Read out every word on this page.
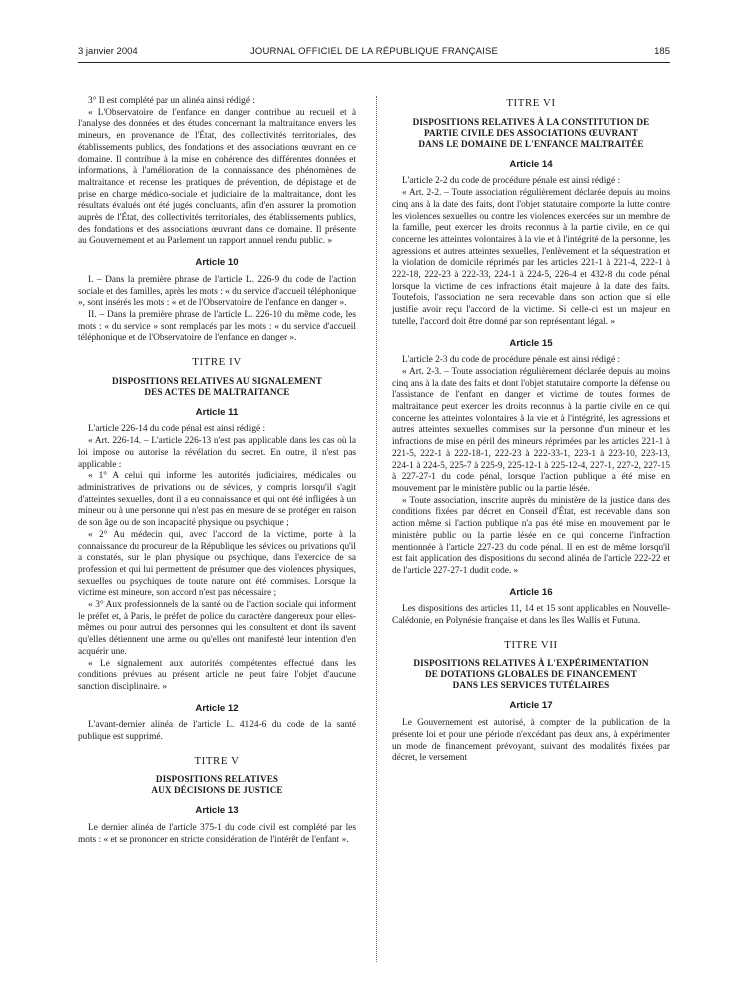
3 janvier 2004	JOURNAL OFFICIEL DE LA RÉPUBLIQUE FRANÇAISE	185

3° Il est complété par un alinéa ainsi rédigé :

« L'Observatoire de l'enfance en danger contribue au recueil et à l'analyse des données et des études concernant la maltraitance envers les mineurs, en provenance de l'État, des collectivités territoriales, des établissements publics, des fondations et des associations œuvrant en ce domaine. Il contribue à la mise en cohérence des différentes données et informations, à l'amélioration de la connaissance des phénomènes de maltraitance et recense les pratiques de prévention, de dépistage et de prise en charge médico-sociale et judiciaire de la maltraitance, dont les résultats évalués ont été jugés concluants, afin d'en assurer la promotion auprès de l'État, des collectivités territoriales, des établissements publics, des fondations et des associations œuvrant dans ce domaine. Il présente au Gouvernement et au Parlement un rapport annuel rendu public. »

Article 10

I. – Dans la première phrase de l'article L. 226-9 du code de l'action sociale et des familles, après les mots : « du service d'accueil téléphonique », sont insérés les mots : « et de l'Observatoire de l'enfance en danger ».

II. – Dans la première phrase de l'article L. 226-10 du même code, les mots : « du service » sont remplacés par les mots : « du service d'accueil téléphonique et de l'Observatoire de l'enfance en danger ».

TITRE IV
DISPOSITIONS RELATIVES AU SIGNALEMENT
DES ACTES DE MALTRAITANCE
Article 11

L'article 226-14 du code pénal est ainsi rédigé :

« Art. 226-14. – L'article 226-13 n'est pas applicable dans les cas où la loi impose ou autorise la révélation du secret. En outre, il n'est pas applicable :

« 1° A celui qui informe les autorités judiciaires, médicales ou administratives de privations ou de sévices, y compris lorsqu'il s'agit d'atteintes sexuelles, dont il a eu connaissance et qui ont été infligées à un mineur ou à une personne qui n'est pas en mesure de se protéger en raison de son âge ou de son incapacité physique ou psychique ;

« 2° Au médecin qui, avec l'accord de la victime, porte à la connaissance du procureur de la République les sévices ou privations qu'il a constatés, sur le plan physique ou psychique, dans l'exercice de sa profession et qui lui permettent de présumer que des violences physiques, sexuelles ou psychiques de toute nature ont été commises. Lorsque la victime est mineure, son accord n'est pas nécessaire ;

« 3° Aux professionnels de la santé ou de l'action sociale qui informent le préfet et, à Paris, le préfet de police du caractère dangereux pour elles-mêmes ou pour autrui des personnes qui les consultent et dont ils savent qu'elles détiennent une arme ou qu'elles ont manifesté leur intention d'en acquérir une.

« Le signalement aux autorités compétentes effectué dans les conditions prévues au présent article ne peut faire l'objet d'aucune sanction disciplinaire. »

Article 12

L'avant-dernier alinéa de l'article L. 4124-6 du code de la santé publique est supprimé.

TITRE V
DISPOSITIONS RELATIVES
AUX DÉCISIONS DE JUSTICE
Article 13

Le dernier alinéa de l'article 375-1 du code civil est complété par les mots : « et se prononcer en stricte considération de l'intérêt de l'enfant ».

TITRE VI
DISPOSITIONS RELATIVES À LA CONSTITUTION DE
PARTIE CIVILE DES ASSOCIATIONS ŒUVRANT
DANS LE DOMAINE DE L'ENFANCE MALTRAITÉE
Article 14

L'article 2-2 du code de procédure pénale est ainsi rédigé :

« Art. 2-2. – Toute association régulièrement déclarée depuis au moins cinq ans à la date des faits, dont l'objet statutaire comporte la lutte contre les violences sexuelles ou contre les violences exercées sur un membre de la famille, peut exercer les droits reconnus à la partie civile, en ce qui concerne les atteintes volontaires à la vie et à l'intégrité de la personne, les agressions et autres atteintes sexuelles, l'enlèvement et la séquestration et la violation de domicile réprimés par les articles 221-1 à 221-4, 222-1 à 222-18, 222-23 à 222-33, 224-1 à 224-5, 226-4 et 432-8 du code pénal lorsque la victime de ces infractions était majeure à la date des faits. Toutefois, l'association ne sera recevable dans son action que si elle justifie avoir reçu l'accord de la victime. Si celle-ci est un majeur en tutelle, l'accord doit être donné par son représentant légal. »

Article 15

L'article 2-3 du code de procédure pénale est ainsi rédigé :

« Art. 2-3. – Toute association régulièrement déclarée depuis au moins cinq ans à la date des faits et dont l'objet statutaire comporte la défense ou l'assistance de l'enfant en danger et victime de toutes formes de maltraitance peut exercer les droits reconnus à la partie civile en ce qui concerne les atteintes volontaires à la vie et à l'intégrité, les agressions et autres atteintes sexuelles commises sur la personne d'un mineur et les infractions de mise en péril des mineurs réprimées par les articles 221-1 à 221-5, 222-1 à 222-18-1, 222-23 à 222-33-1, 223-1 à 223-10, 223-13, 224-1 à 224-5, 225-7 à 225-9, 225-12-1 à 225-12-4, 227-1, 227-2, 227-15 à 227-27-1 du code pénal, lorsque l'action publique a été mise en mouvement par le ministère public ou la partie lésée.

« Toute association, inscrite auprès du ministère de la justice dans des conditions fixées par décret en Conseil d'État, est recevable dans son action même si l'action publique n'a pas été mise en mouvement par le ministère public ou la partie lésée en ce qui concerne l'infraction mentionnée à l'article 227-23 du code pénal. Il en est de même lorsqu'il est fait application des dispositions du second alinéa de l'article 222-22 et de l'article 227-27-1 dudit code. »

Article 16

Les dispositions des articles 11, 14 et 15 sont applicables en Nouvelle-Calédonie, en Polynésie française et dans les îles Wallis et Futuna.

TITRE VII
DISPOSITIONS RELATIVES À L'EXPÉRIMENTATION
DE DOTATIONS GLOBALES DE FINANCEMENT
DANS LES SERVICES TUTÉLAIRES
Article 17

Le Gouvernement est autorisé, à compter de la publication de la présente loi et pour une période n'excédant pas deux ans, à expérimenter un mode de financement prévoyant, suivant des modalités fixées par décret, le versement
